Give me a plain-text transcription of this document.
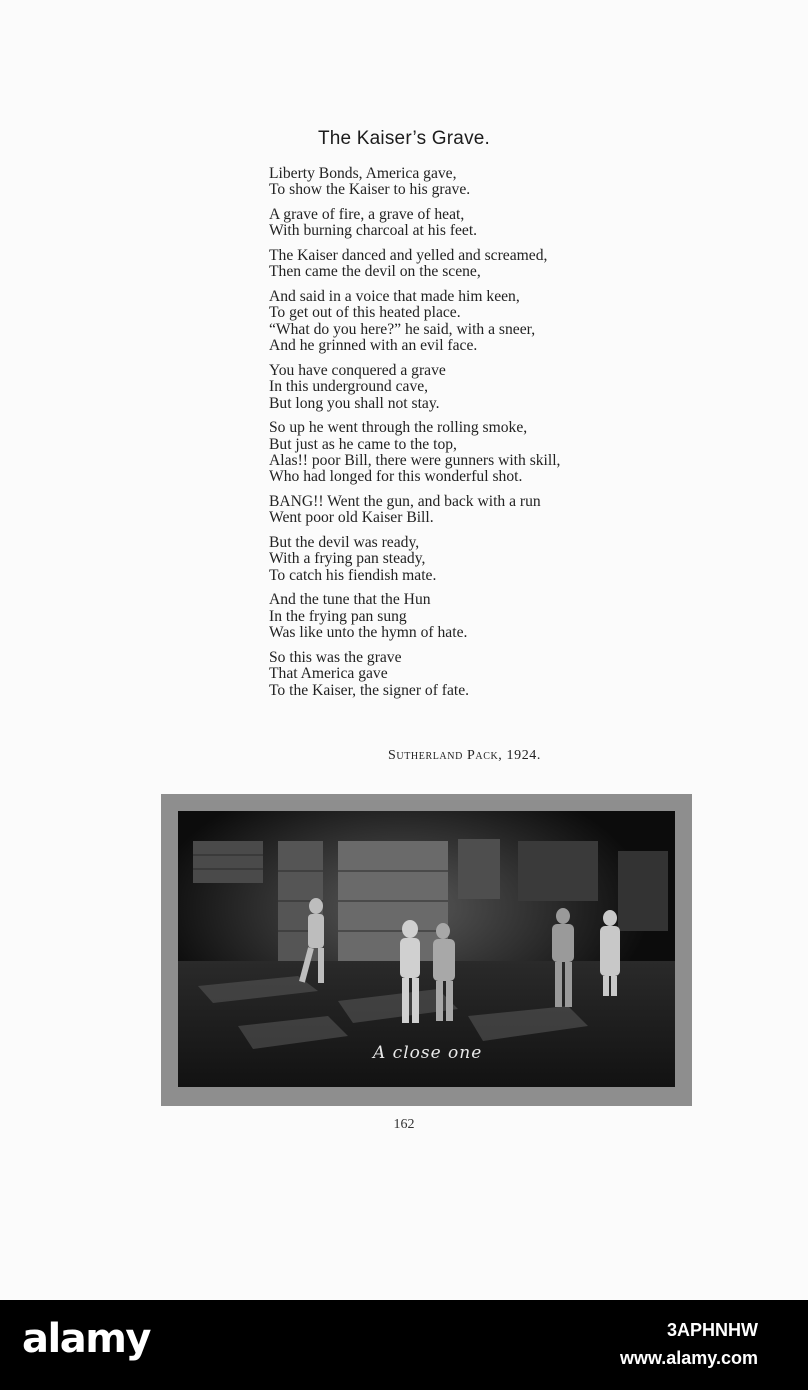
The Kaiser’s Grave.
Liberty Bonds, America gave,
To show the Kaiser to his grave.
A grave of fire, a grave of heat,
With burning charcoal at his feet.
The Kaiser danced and yelled and screamed,
Then came the devil on the scene,
And said in a voice that made him keen,
To get out of this heated place.
“What do you here?” he said, with a sneer,
And he grinned with an evil face.
You have conquered a grave
In this underground cave,
But long you shall not stay.
So up he went through the rolling smoke,
But just as he came to the top,
Alas!! poor Bill, there were gunners with skill,
Who had longed for this wonderful shot.
BANG!! Went the gun, and back with a run
Went poor old Kaiser Bill.
But the devil was ready,
With a frying pan steady,
To catch his fiendish mate.
And the tune that the Hun
In the frying pan sung
Was like unto the hymn of hate.
So this was the grave
That America gave
To the Kaiser, the signer of fate.
Sutherland Pack, 1924.
A close one
162
alamy	3APHNHW
www.alamy.com
